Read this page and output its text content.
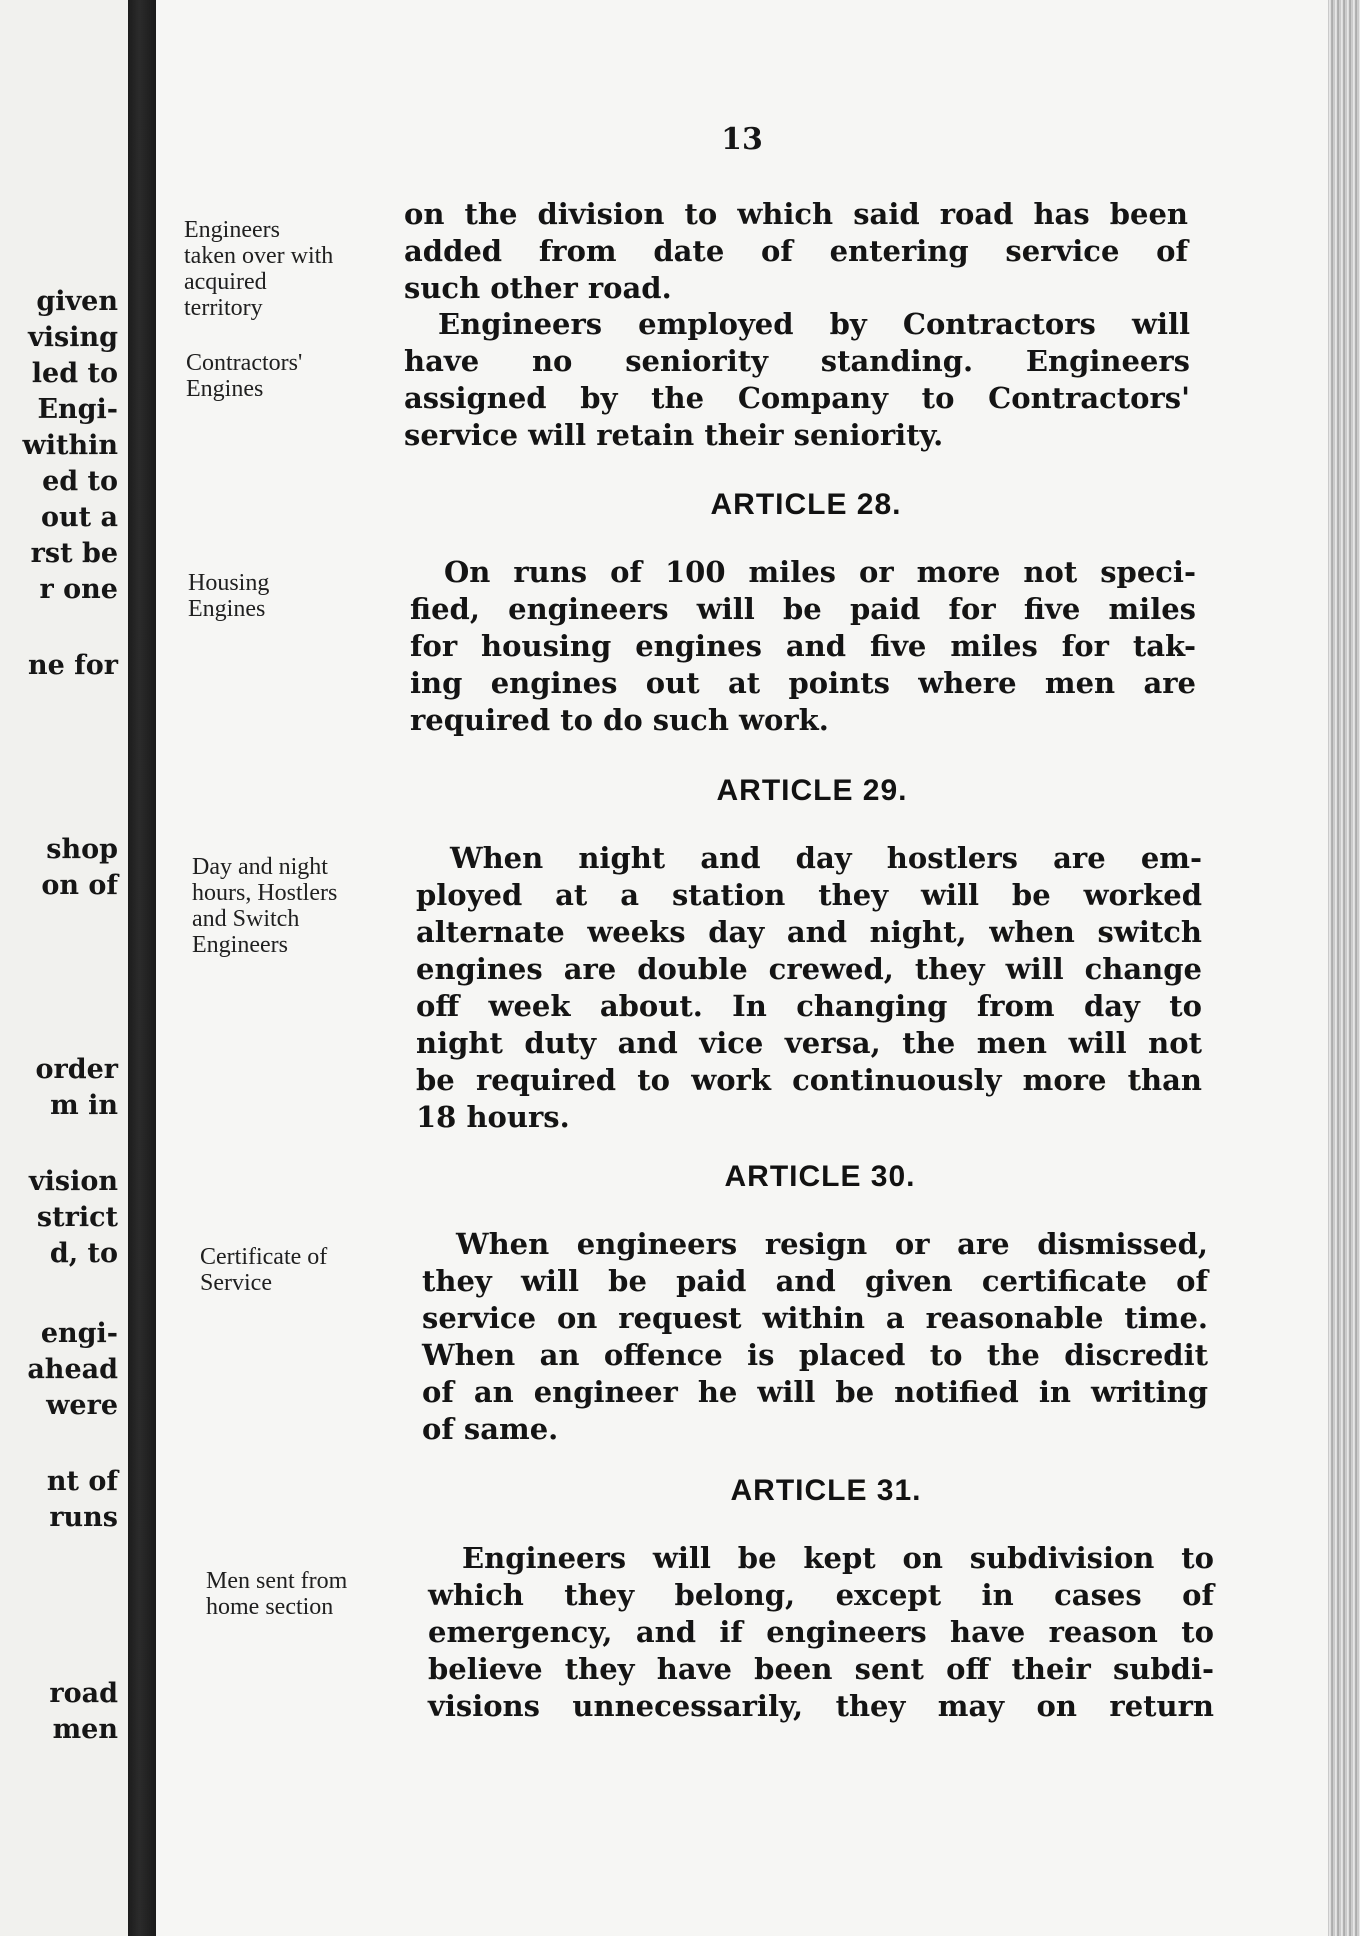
given
vising
led to
Engi-
within
ed to
out a
rst be
r one
ne for
shop
on of
order
m in
vision
strict
d, to
engi-
ahead
were
nt of
runs
road
men
13
Engineers
taken over with
acquired
territory
Contractors'
Engines
Housing
Engines
Day and night
hours, Hostlers
and Switch
Engineers
Certificate of
Service
Men sent from
home section
on the division to which said road has been
added from date of entering service of
such other road.
Engineers employed by Contractors will
have no seniority standing. Engineers
assigned by the Company to Contractors'
service will retain their seniority.
ARTICLE 28.
On runs of 100 miles or more not speci-
fied, engineers will be paid for five miles
for housing engines and five miles for tak-
ing engines out at points where men are
required to do such work.
ARTICLE 29.
When night and day hostlers are em-
ployed at a station they will be worked
alternate weeks day and night, when switch
engines are double crewed, they will change
off week about. In changing from day to
night duty and vice versa, the men will not
be required to work continuously more than
18 hours.
ARTICLE 30.
When engineers resign or are dismissed,
they will be paid and given certificate of
service on request within a reasonable time.
When an offence is placed to the discredit
of an engineer he will be notified in writing
of same.
ARTICLE 31.
Engineers will be kept on subdivision to
which they belong, except in cases of
emergency, and if engineers have reason to
believe they have been sent off their subdi-
visions unnecessarily, they may on return
